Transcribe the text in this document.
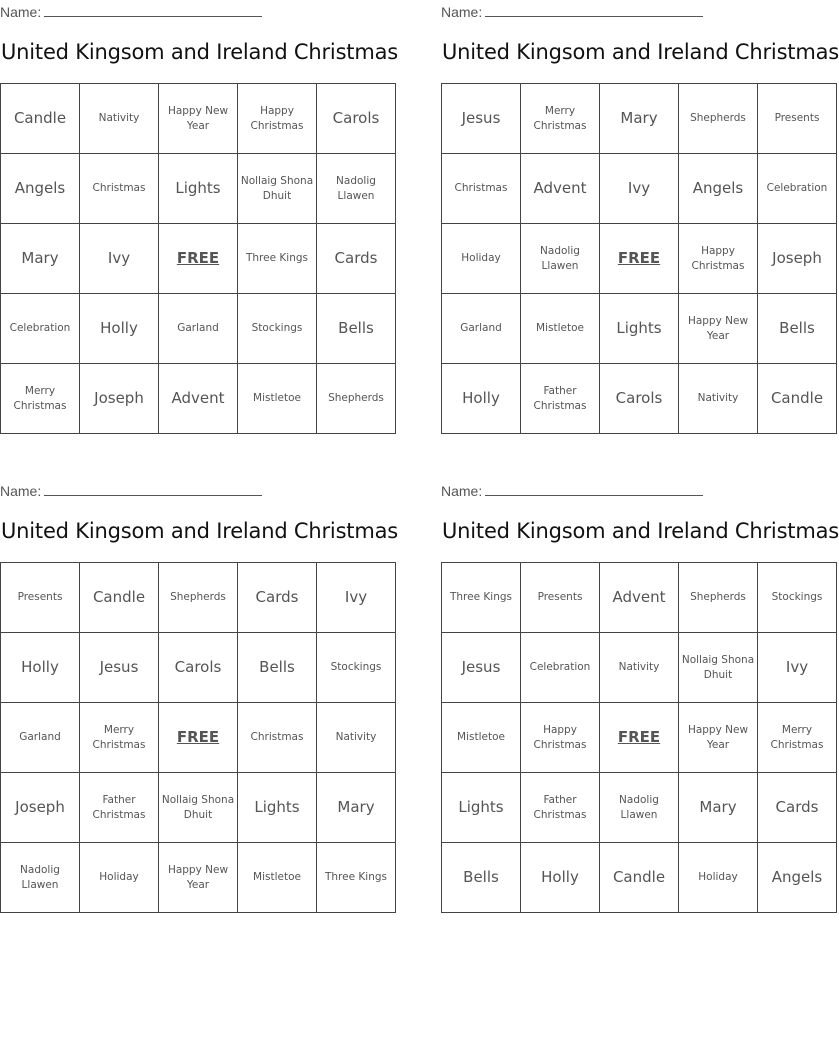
Name:
United Kingsom and Ireland Christmas
Candle	Nativity	Happy New Year	Happy Christmas	Carols
Angels	Christmas	Lights	Nollaig Shona Dhuit	Nadolig Llawen
Mary	Ivy	FREE	Three Kings	Cards
Celebration	Holly	Garland	Stockings	Bells
Merry Christmas	Joseph	Advent	Mistletoe	Shepherds
Name:
United Kingsom and Ireland Christmas
Jesus	Merry Christmas	Mary	Shepherds	Presents
Christmas	Advent	Ivy	Angels	Celebration
Holiday	Nadolig Llawen	FREE	Happy Christmas	Joseph
Garland	Mistletoe	Lights	Happy New Year	Bells
Holly	Father Christmas	Carols	Nativity	Candle
Name:
United Kingsom and Ireland Christmas
Presents	Candle	Shepherds	Cards	Ivy
Holly	Jesus	Carols	Bells	Stockings
Garland	Merry Christmas	FREE	Christmas	Nativity
Joseph	Father Christmas	Nollaig Shona Dhuit	Lights	Mary
Nadolig Llawen	Holiday	Happy New Year	Mistletoe	Three Kings
Name:
United Kingsom and Ireland Christmas
Three Kings	Presents	Advent	Shepherds	Stockings
Jesus	Celebration	Nativity	Nollaig Shona Dhuit	Ivy
Mistletoe	Happy Christmas	FREE	Happy New Year	Merry Christmas
Lights	Father Christmas	Nadolig Llawen	Mary	Cards
Bells	Holly	Candle	Holiday	Angels
